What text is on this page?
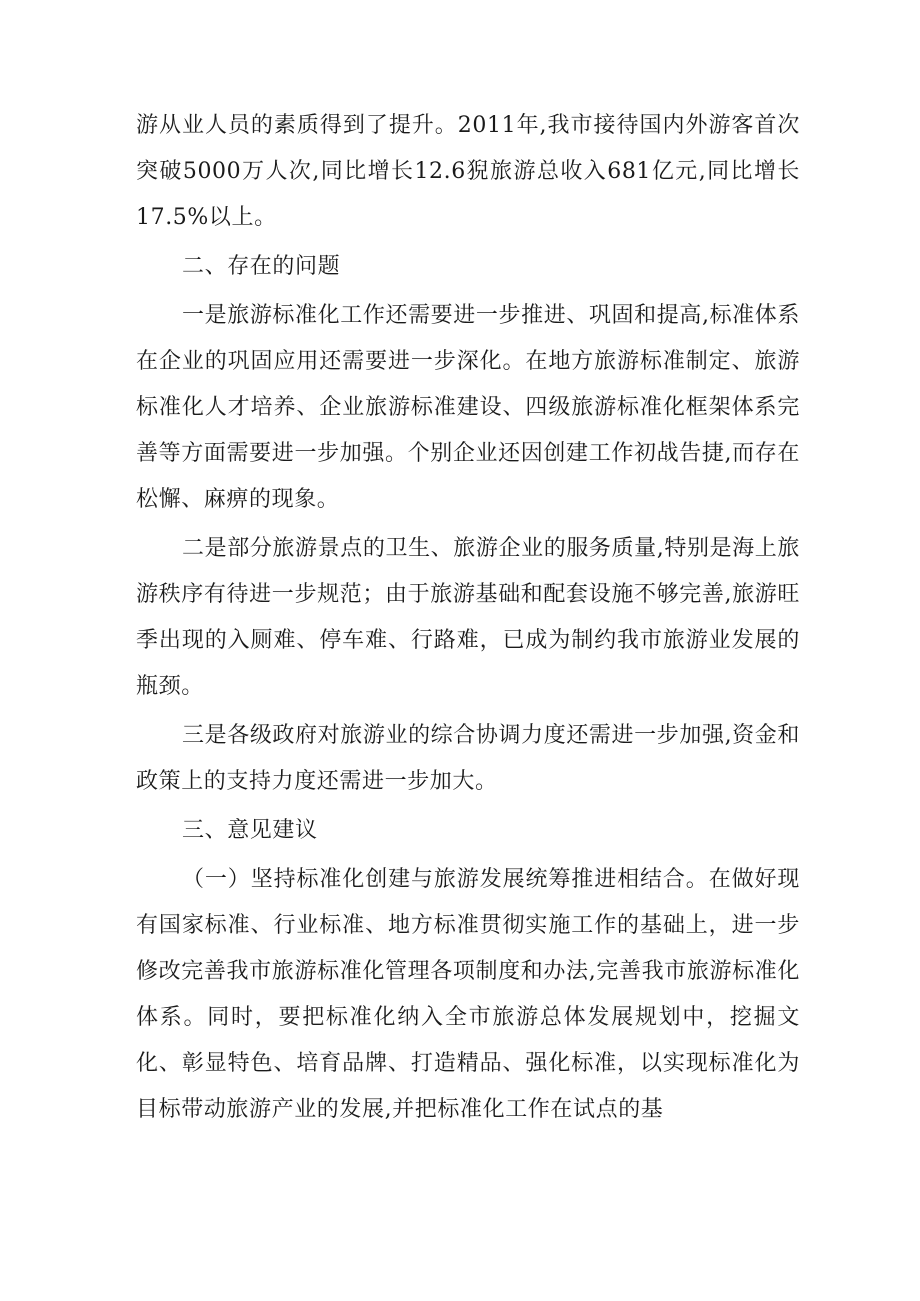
游从业人员的素质得到了提升。2011年,我市接待国内外游客首次突破5000万人次,同比增长12.6猊旅游总收入681亿元,同比增长17.5%以上。

二、存在的问题

一是旅游标准化工作还需要进一步推进、巩固和提高,标准体系在企业的巩固应用还需要进一步深化。在地方旅游标准制定、旅游标准化人才培养、企业旅游标准建设、四级旅游标准化框架体系完善等方面需要进一步加强。个别企业还因创建工作初战告捷,而存在松懈、麻痹的现象。

二是部分旅游景点的卫生、旅游企业的服务质量,特别是海上旅游秩序有待进一步规范；由于旅游基础和配套设施不够完善,旅游旺季出现的入厕难、停车难、行路难，已成为制约我市旅游业发展的瓶颈。

三是各级政府对旅游业的综合协调力度还需进一步加强,资金和政策上的支持力度还需进一步加大。

三、意见建议

（一）坚持标准化创建与旅游发展统筹推进相结合。在做好现有国家标准、行业标准、地方标准贯彻实施工作的基础上，进一步修改完善我市旅游标准化管理各项制度和办法,完善我市旅游标准化体系。同时，要把标准化纳入全市旅游总体发展规划中，挖掘文化、彰显特色、培育品牌、打造精品、强化标准，以实现标准化为目标带动旅游产业的发展,并把标准化工作在试点的基
